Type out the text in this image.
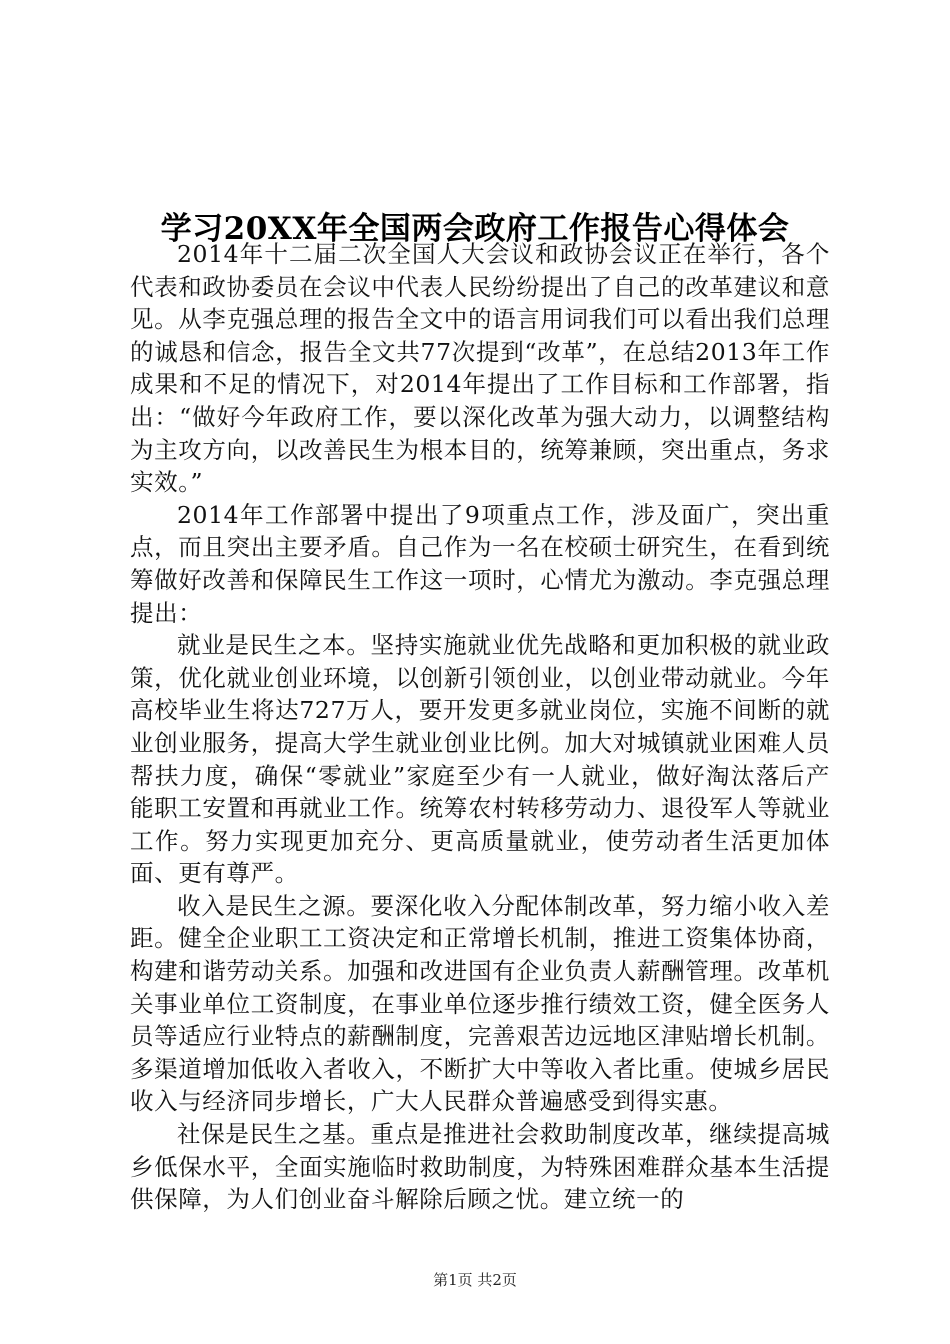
学习20XX年全国两会政府工作报告心得体会

2014年十二届二次全国人大会议和政协会议正在举行，各个代表和政协委员在会议中代表人民纷纷提出了自己的改革建议和意见。从李克强总理的报告全文中的语言用词我们可以看出我们总理的诚恳和信念，报告全文共77次提到“改革”，在总结2013年工作成果和不足的情况下，对2014年提出了工作目标和工作部署，指出：“做好今年政府工作，要以深化改革为强大动力，以调整结构为主攻方向，以改善民生为根本目的，统筹兼顾，突出重点，务求实效。”

2014年工作部署中提出了9项重点工作，涉及面广，突出重点，而且突出主要矛盾。自己作为一名在校硕士研究生，在看到统筹做好改善和保障民生工作这一项时，心情尤为激动。李克强总理提出：

就业是民生之本。坚持实施就业优先战略和更加积极的就业政策，优化就业创业环境，以创新引领创业，以创业带动就业。今年高校毕业生将达727万人，要开发更多就业岗位，实施不间断的就业创业服务，提高大学生就业创业比例。加大对城镇就业困难人员帮扶力度，确保“零就业”家庭至少有一人就业，做好淘汰落后产能职工安置和再就业工作。统筹农村转移劳动力、退役军人等就业工作。努力实现更加充分、更高质量就业，使劳动者生活更加体面、更有尊严。

收入是民生之源。要深化收入分配体制改革，努力缩小收入差距。健全企业职工工资决定和正常增长机制，推进工资集体协商，构建和谐劳动关系。加强和改进国有企业负责人薪酬管理。改革机关事业单位工资制度，在事业单位逐步推行绩效工资，健全医务人员等适应行业特点的薪酬制度，完善艰苦边远地区津贴增长机制。多渠道增加低收入者收入，不断扩大中等收入者比重。使城乡居民收入与经济同步增长，广大人民群众普遍感受到得实惠。

社保是民生之基。重点是推进社会救助制度改革，继续提高城乡低保水平，全面实施临时救助制度，为特殊困难群众基本生活提供保障，为人们创业奋斗解除后顾之忧。建立统一的

第1页 共2页
